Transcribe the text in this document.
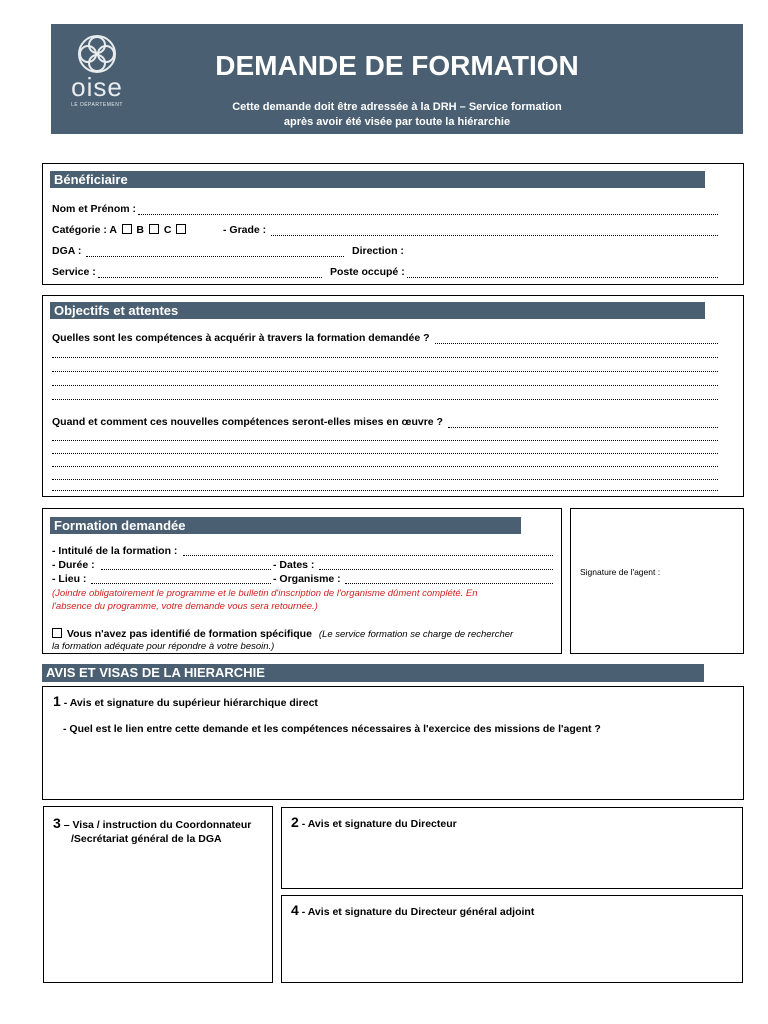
oise
LE DÉPARTEMENT
DEMANDE DE FORMATION
Cette demande doit être adressée à la DRH – Service formation
après avoir été visée par toute la hiérarchie
Bénéficiaire
Nom et Prénom :
Catégorie : A B C	- Grade :
DGA :	Direction :
Service :	Poste occupé :
Objectifs et attentes
Quelles sont les compétences à acquérir à travers la formation demandée ?
Quand et comment ces nouvelles compétences seront-elles mises en œuvre ?
Formation demandée
- Intitulé de la formation :
- Durée :	- Dates :
- Lieu :	- Organisme :
(Joindre obligatoirement le programme et le bulletin d'inscription de l'organisme dûment complété. En
l'absence du programme, votre demande vous sera retournée.)
Vous n'avez pas identifié de formation spécifique (Le service formation se charge de rechercher
la formation adéquate pour répondre à votre besoin.)
Signature de l'agent :
AVIS ET VISAS DE LA HIERARCHIE
1 - Avis et signature du supérieur hiérarchique direct
- Quel est le lien entre cette demande et les compétences nécessaires à l'exercice des missions de l'agent ?
3 – Visa / instruction du Coordonnateur
/Secrétariat général de la DGA
2 - Avis et signature du Directeur
4 - Avis et signature du Directeur général adjoint
